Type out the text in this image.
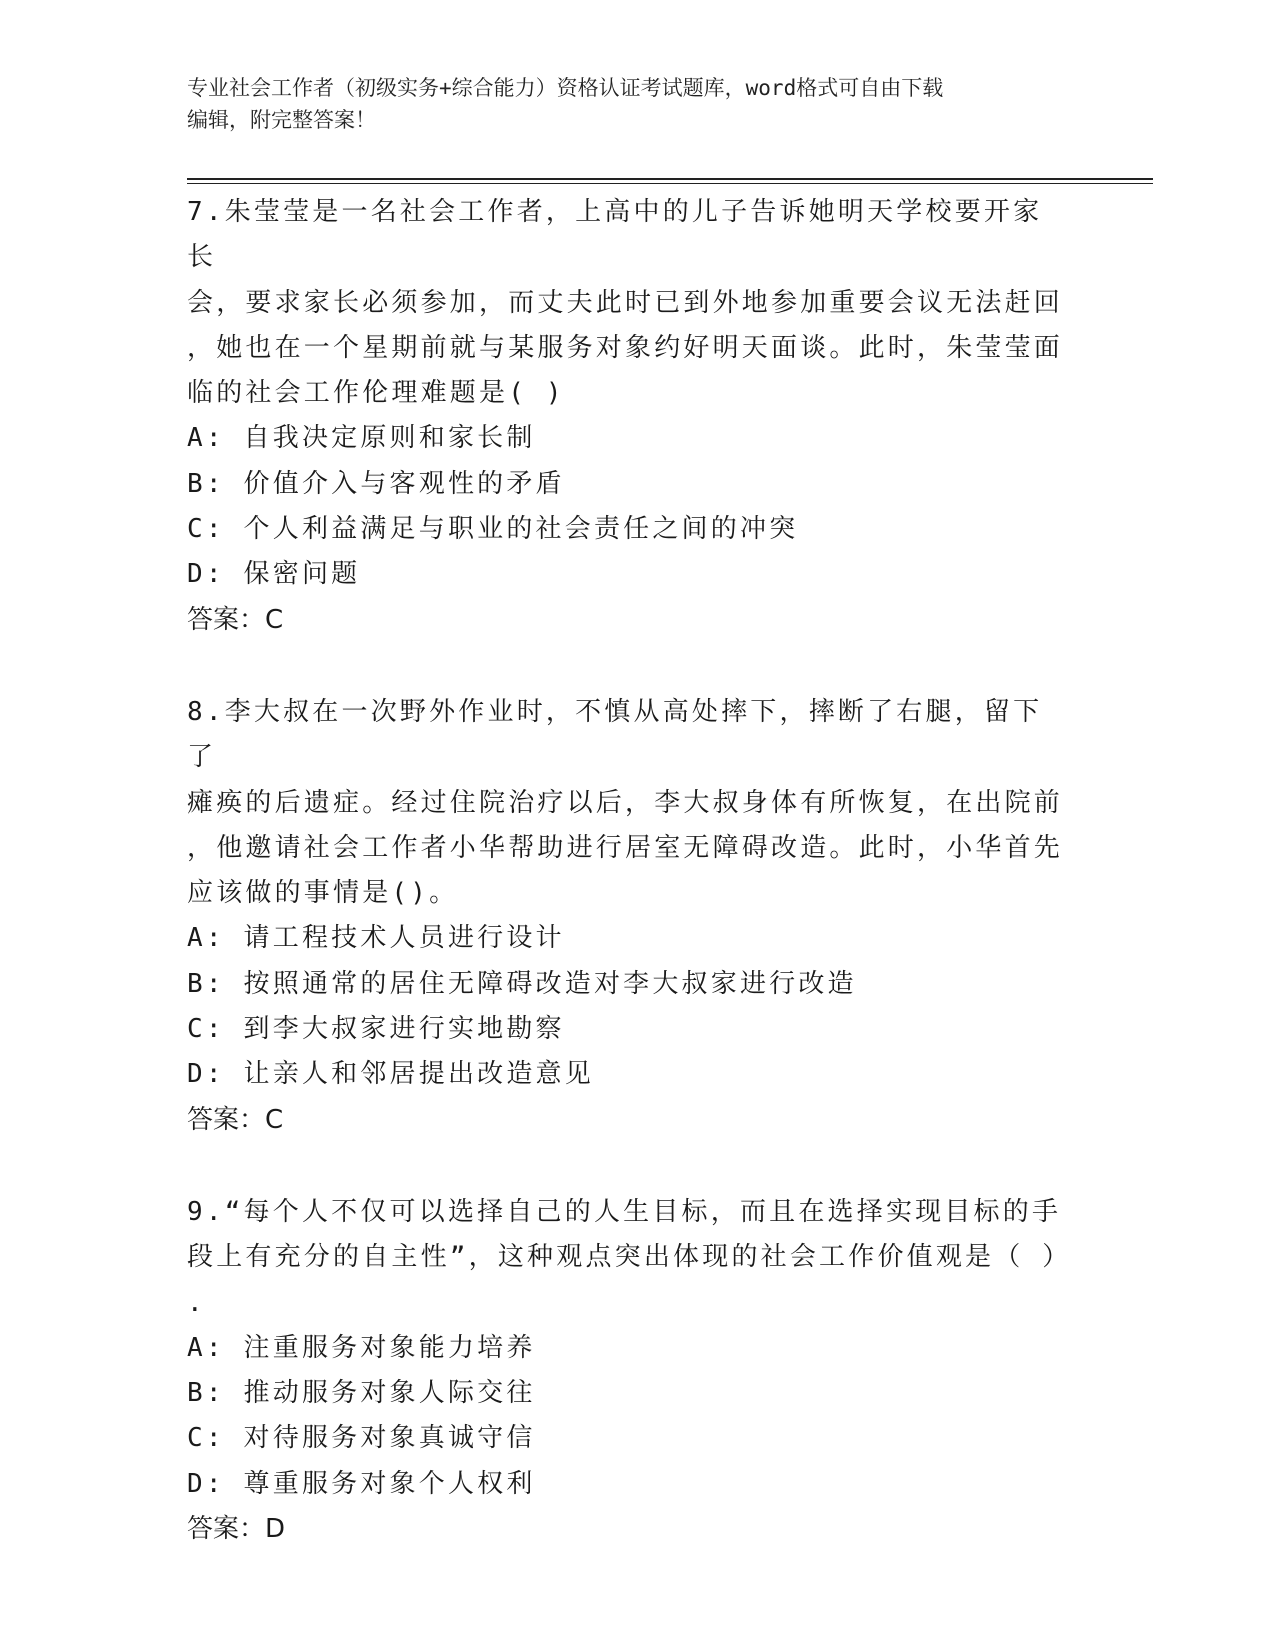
专业社会工作者（初级实务+综合能力）资格认证考试题库，word格式可自由下载
编辑，附完整答案！

7.朱莹莹是一名社会工作者，上高中的儿子告诉她明天学校要开家长

会，要求家长必须参加，而丈夫此时已到外地参加重要会议无法赶回

，她也在一个星期前就与某服务对象约好明天面谈。此时，朱莹莹面

临的社会工作伦理难题是( )

A: 自我决定原则和家长制

B: 价值介入与客观性的矛盾

C: 个人利益满足与职业的社会责任之间的冲突

D: 保密问题

答案：C

8.李大叔在一次野外作业时，不慎从高处摔下，摔断了右腿，留下了

瘫痪的后遗症。经过住院治疗以后，李大叔身体有所恢复，在出院前

，他邀请社会工作者小华帮助进行居室无障碍改造。此时，小华首先

应该做的事情是()。

A: 请工程技术人员进行设计

B: 按照通常的居住无障碍改造对李大叔家进行改造

C: 到李大叔家进行实地勘察

D: 让亲人和邻居提出改造意见

答案：C

9.“每个人不仅可以选择自己的人生目标，而且在选择实现目标的手

段上有充分的自主性”，这种观点突出体现的社会工作价值观是（ ）

.

A: 注重服务对象能力培养

B: 推动服务对象人际交往

C: 对待服务对象真诚守信

D: 尊重服务对象个人权利

答案：D
